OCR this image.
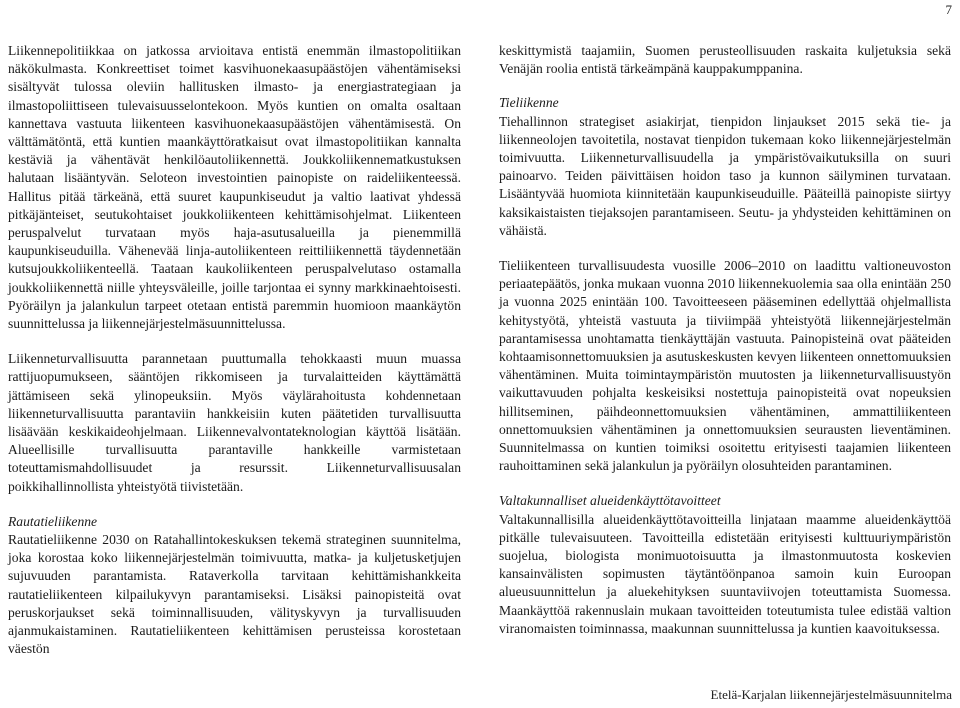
7

Liikennepolitiikkaa on jatkossa arvioitava entistä enemmän ilmastopolitiikan näkökulmasta. Konkreettiset toimet kasvihuonekaasupäästöjen vähentämiseksi sisältyvät tulossa oleviin hallitusken ilmasto- ja energiastrategiaan ja ilmastopoliittiseen tulevaisuusselontekoon. Myös kuntien on omalta osaltaan kannettava vastuuta liikenteen kasvihuonekaasupäästöjen vähentämisestä. On välttämätöntä, että kuntien maankäyttöratkaisut ovat ilmastopolitiikan kannalta kestäviä ja vähentävät henkilöautoliikennettä. Joukkoliikennematkustuksen halutaan lisääntyvän. Seloteon investointien painopiste on raideliikenteessä. Hallitus pitää tärkeänä, että suuret kaupunkiseudut ja valtio laativat yhdessä pitkäjänteiset, seutukohtaiset joukkoliikenteen kehittämisohjelmat. Liikenteen peruspalvelut turvataan myös haja-asutusalueilla ja pienemmillä kaupunkiseuduilla. Vähenevää linja-autoliikenteen reittiliikennettä täydennetään kutsujoukkoliikenteellä. Taataan kaukoliikenteen peruspalvelutaso ostamalla joukkoliikennettä niille yhteysväleille, joille tarjontaa ei synny markkinaehtoisesti. Pyöräilyn ja jalankulun tarpeet otetaan entistä paremmin huomioon maankäytön suunnittelussa ja liikennejärjestelmäsuunnittelussa.

Liikenneturvallisuutta parannetaan puuttumalla tehokkaasti muun muassa rattijuopumukseen, sääntöjen rikkomiseen ja turvalaitteiden käyttämättä jättämiseen sekä ylinopeuksiin. Myös väylärahoitusta kohdennetaan liikenneturvallisuutta parantaviin hankkeisiin kuten päätetiden turvallisuutta lisäävään keskikaideohjelmaan. Liikennevalvontateknologian käyttöä lisätään. Alueellisille turvallisuutta parantaville hankkeille varmistetaan toteuttamismahdollisuudet ja resurssit. Liikenneturvallisuusalan poikkihallinnollista yhteistyötä tiivistetään.

Rautatieliikenne

Rautatieliikenne 2030 on Ratahallintokeskuksen tekemä strateginen suunnitelma, joka korostaa koko liikennejärjestelmän toimivuutta, matka- ja kuljetusketjujen sujuvuuden parantamista. Rataverkolla tarvitaan kehittämishankkeita rautatieliikenteen kilpailukyvyn parantamiseksi. Lisäksi painopisteitä ovat peruskorjaukset sekä toiminnallisuuden, välityskyvyn ja turvallisuuden ajanmukaistaminen. Rautatieliikenteen kehittämisen perusteissa korostetaan väestön

keskittymistä taajamiin, Suomen perusteollisuuden raskaita kuljetuksia sekä Venäjän roolia entistä tärkeämpänä kauppakumppanina.

Tieliikenne

Tiehallinnon strategiset asiakirjat, tienpidon linjaukset 2015 sekä tie- ja liikenneolojen tavoitetila, nostavat tienpidon tukemaan koko liikennejärjestelmän toimivuutta. Liikenneturvallisuudella ja ympäristövaikutuksilla on suuri painoarvo. Teiden päivittäisen hoidon taso ja kunnon säilyminen turvataan. Lisääntyvää huomiota kiinnitetään kaupunkiseuduille. Pääteillä painopiste siirtyy kaksikaistaisten tiejaksojen parantamiseen. Seutu- ja yhdysteiden kehittäminen on vähäistä.

Tieliikenteen turvallisuudesta vuosille 2006–2010 on laadittu valtioneuvoston periaatepäätös, jonka mukaan vuonna 2010 liikennekuolemia saa olla enintään 250 ja vuonna 2025 enintään 100. Tavoitteeseen pääseminen edellyttää ohjelmallista kehitystyötä, yhteistä vastuuta ja tiiviimpää yhteistyötä liikennejärjestelmän parantamisessa unohtamatta tienkäyttäjän vastuuta. Painopisteinä ovat pääteiden kohtaamisonnettomuuksien ja asutuskeskusten kevyen liikenteen onnettomuuksien vähentäminen. Muita toimintaympäristön muutosten ja liikenneturvallisuustyön vaikuttavuuden pohjalta keskeisiksi nostettuja painopisteitä ovat nopeuksien hillitseminen, päihdeonnettomuuksien vähentäminen, ammattiliikenteen onnettomuuksien vähentäminen ja onnettomuuksien seurausten lieventäminen. Suunnitelmassa on kuntien toimiksi osoitettu erityisesti taajamien liikenteen rauhoittaminen sekä jalankulun ja pyöräilyn olosuhteiden parantaminen.

Valtakunnalliset alueidenkäyttötavoitteet

Valtakunnallisilla alueidenkäyttötavoitteilla linjataan maamme alueidenkäyttöä pitkälle tulevaisuuteen. Tavoitteilla edistetään erityisesti kulttuuriympäristön suojelua, biologista monimuotoisuutta ja ilmastonmuutosta koskevien kansainvälisten sopimusten täytäntöönpanoa samoin kuin Euroopan alueusuunnittelun ja aluekehityksen suuntaviivojen toteuttamista Suomessa. Maankäyttöä rakennuslain mukaan tavoitteiden toteutumista tulee edistää valtion viranomaisten toiminnassa, maakunnan suunnittelussa ja kuntien kaavoituksessa.

Etelä-Karjalan liikennejärjestelmäsuunnitelma
